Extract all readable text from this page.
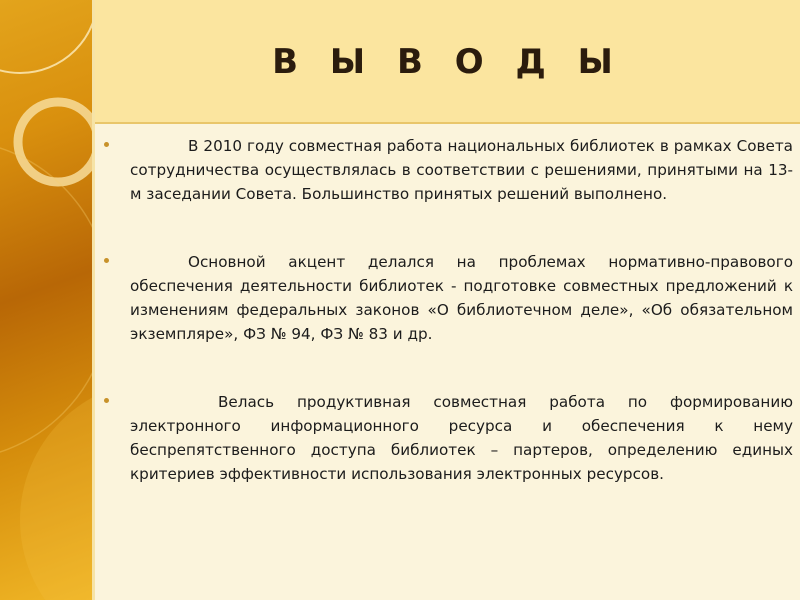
В Ы В О Д Ы
В 2010 году совместная работа национальных библиотек в рамках Совета сотрудничества осуществлялась в соответствии с решениями, принятыми на 13-м заседании Совета. Большинство принятых решений выполнено.
Основной акцент делался на проблемах нормативно-правового обеспечения деятельности библиотек - подготовке совместных предложений к изменениям федеральных законов «О библиотечном деле», «Об обязательном экземпляре», ФЗ № 94, ФЗ № 83 и др.
Велась продуктивная совместная работа по формированию электронного информационного ресурса и обеспечения к нему беспрепятственного доступа библиотек – партеров, определению единых критериев эффективности использования электронных ресурсов.
